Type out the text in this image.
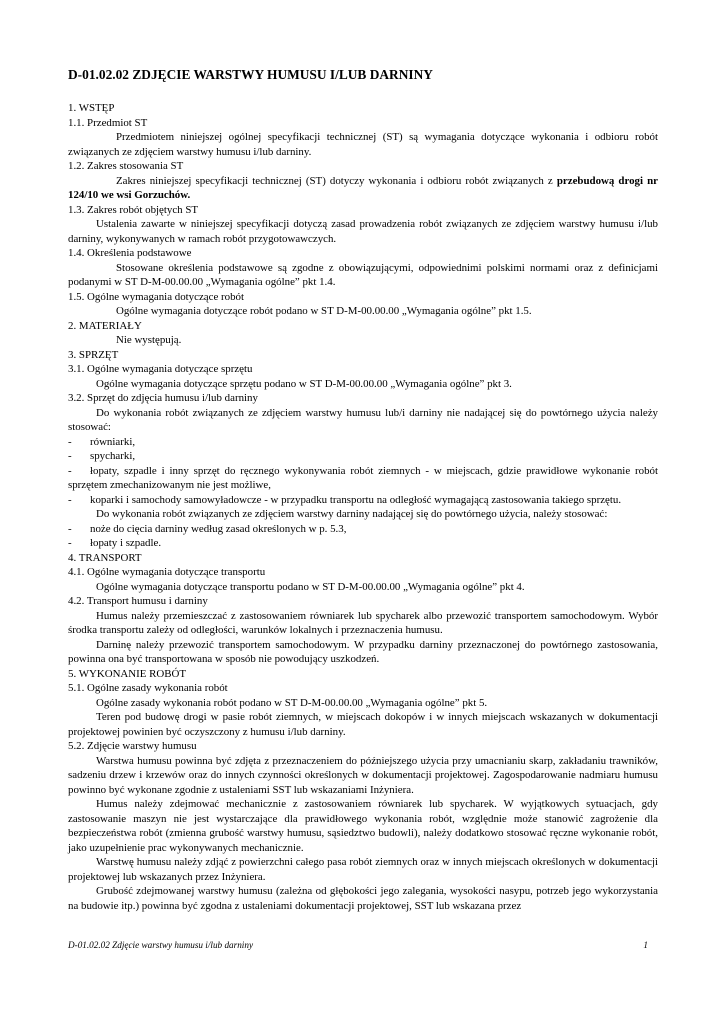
D-01.02.02 ZDJĘCIE WARSTWY HUMUSU I/LUB DARNINY

1. WSTĘP

1.1. Przedmiot ST

Przedmiotem niniejszej ogólnej specyfikacji technicznej (ST) są wymagania dotyczące wykonania i odbioru robót związanych ze zdjęciem warstwy humusu i/lub darniny.

1.2. Zakres stosowania ST

Zakres niniejszej specyfikacji technicznej (ST) dotyczy wykonania i odbioru robót związanych z przebudową drogi nr 124/10 we wsi Gorzuchów.

1.3. Zakres robót objętych ST

Ustalenia zawarte w niniejszej specyfikacji dotyczą zasad prowadzenia robót związanych ze zdjęciem warstwy humusu i/lub darniny, wykonywanych w ramach robót przygotowawczych.

1.4. Określenia podstawowe

Stosowane określenia podstawowe są zgodne z obowiązującymi, odpowiednimi polskimi normami oraz z definicjami podanymi w ST D-M-00.00.00 „Wymagania ogólne” pkt 1.4.

1.5. Ogólne wymagania dotyczące robót

Ogólne wymagania dotyczące robót podano w ST D-M-00.00.00 „Wymagania ogólne” pkt 1.5.

2. MATERIAŁY

Nie występują.

3. SPRZĘT

3.1. Ogólne wymagania dotyczące sprzętu

Ogólne wymagania dotyczące sprzętu podano w ST D-M-00.00.00 „Wymagania ogólne” pkt 3.

3.2. Sprzęt do zdjęcia humusu i/lub darniny

Do wykonania robót związanych ze zdjęciem warstwy humusu lub/i darniny nie nadającej się do powtórnego użycia należy stosować:

- równiarki,

- spycharki,

- łopaty, szpadle i inny sprzęt do ręcznego wykonywania robót ziemnych - w miejscach, gdzie prawidłowe wykonanie robót sprzętem zmechanizowanym nie jest możliwe,

- koparki i samochody samowyładowcze - w przypadku transportu na odległość wymagającą zastosowania takiego sprzętu.

Do wykonania robót związanych ze zdjęciem warstwy darniny nadającej się do powtórnego użycia, należy stosować:

- noże do cięcia darniny według zasad określonych w p. 5.3,

- łopaty i szpadle.

4. TRANSPORT

4.1. Ogólne wymagania dotyczące transportu

Ogólne wymagania dotyczące transportu podano w ST D-M-00.00.00 „Wymagania ogólne” pkt 4.

4.2. Transport humusu i darniny

Humus należy przemieszczać z zastosowaniem równiarek lub spycharek albo przewozić transportem samochodowym. Wybór środka transportu zależy od odległości, warunków lokalnych i przeznaczenia humusu.

Darninę należy przewozić transportem samochodowym. W przypadku darniny przeznaczonej do powtórnego zastosowania, powinna ona być transportowana w sposób nie powodujący uszkodzeń.

5. WYKONANIE ROBÓT

5.1. Ogólne zasady wykonania robót

Ogólne zasady wykonania robót podano w ST D-M-00.00.00 „Wymagania ogólne” pkt 5.

Teren pod budowę drogi w pasie robót ziemnych, w miejscach dokopów i w innych miejscach wskazanych w dokumentacji projektowej powinien być oczyszczony z humusu i/lub darniny.

5.2. Zdjęcie warstwy humusu

Warstwa humusu powinna być zdjęta z przeznaczeniem do późniejszego użycia przy umacnianiu skarp, zakładaniu trawników, sadzeniu drzew i krzewów oraz do innych czynności określonych w dokumentacji projektowej. Zagospodarowanie nadmiaru humusu powinno być wykonane zgodnie z ustaleniami SST lub wskazaniami Inżyniera.

Humus należy zdejmować mechanicznie z zastosowaniem równiarek lub spycharek. W wyjątkowych sytuacjach, gdy zastosowanie maszyn nie jest wystarczające dla prawidłowego wykonania robót, względnie może stanowić zagrożenie dla bezpieczeństwa robót (zmienna grubość warstwy humusu, sąsiedztwo budowli), należy dodatkowo stosować ręczne wykonanie robót, jako uzupełnienie prac wykonywanych mechanicznie.

Warstwę humusu należy zdjąć z powierzchni całego pasa robót ziemnych oraz w innych miejscach określonych w dokumentacji projektowej lub wskazanych przez Inżyniera.

Grubość zdejmowanej warstwy humusu (zależna od głębokości jego zalegania, wysokości nasypu, potrzeb jego wykorzystania na budowie itp.) powinna być zgodna z ustaleniami dokumentacji projektowej, SST lub wskazana przez

D-01.02.02 Zdjęcie warstwy humusu i/lub darniny	1
